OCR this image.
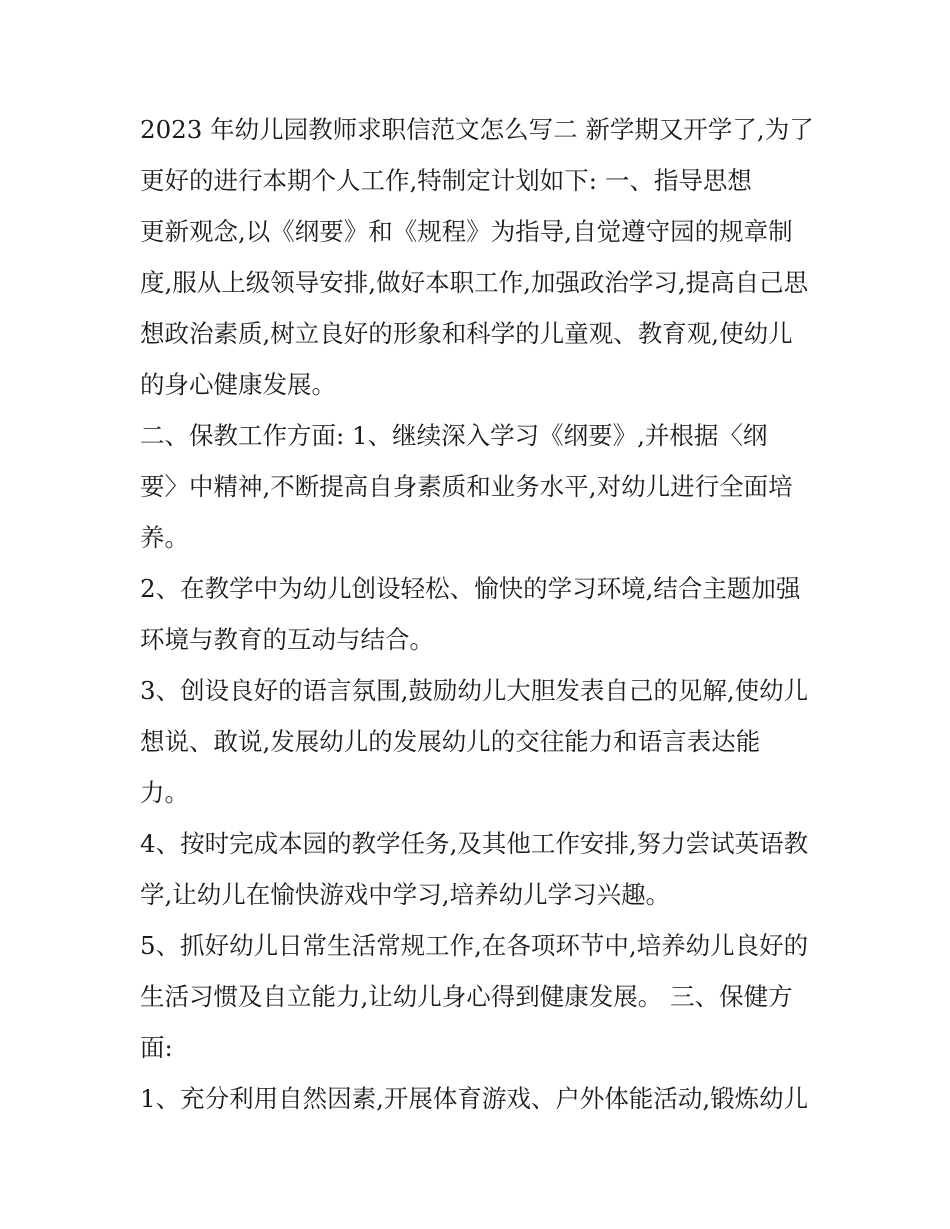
2023 年幼儿园教师求职信范文怎么写二 新学期又开学了,为了
更好的进行本期个人工作,特制定计划如下: 一、指导思想
更新观念,以《纲要》和《规程》为指导,自觉遵守园的规章制
度,服从上级领导安排,做好本职工作,加强政治学习,提高自己思
想政治素质,树立良好的形象和科学的儿童观、教育观,使幼儿
的身心健康发展。
二、保教工作方面: 1、继续深入学习《纲要》,并根据〈纲
要〉中精神,不断提高自身素质和业务水平,对幼儿进行全面培
养。
2、在教学中为幼儿创设轻松、愉快的学习环境,结合主题加强
环境与教育的互动与结合。
3、创设良好的语言氛围,鼓励幼儿大胆发表自己的见解,使幼儿
想说、敢说,发展幼儿的发展幼儿的交往能力和语言表达能
力。
4、按时完成本园的教学任务,及其他工作安排,努力尝试英语教
学,让幼儿在愉快游戏中学习,培养幼儿学习兴趣。
5、抓好幼儿日常生活常规工作,在各项环节中,培养幼儿良好的
生活习惯及自立能力,让幼儿身心得到健康发展。 三、保健方
面:
1、充分利用自然因素,开展体育游戏、户外体能活动,锻炼幼儿
